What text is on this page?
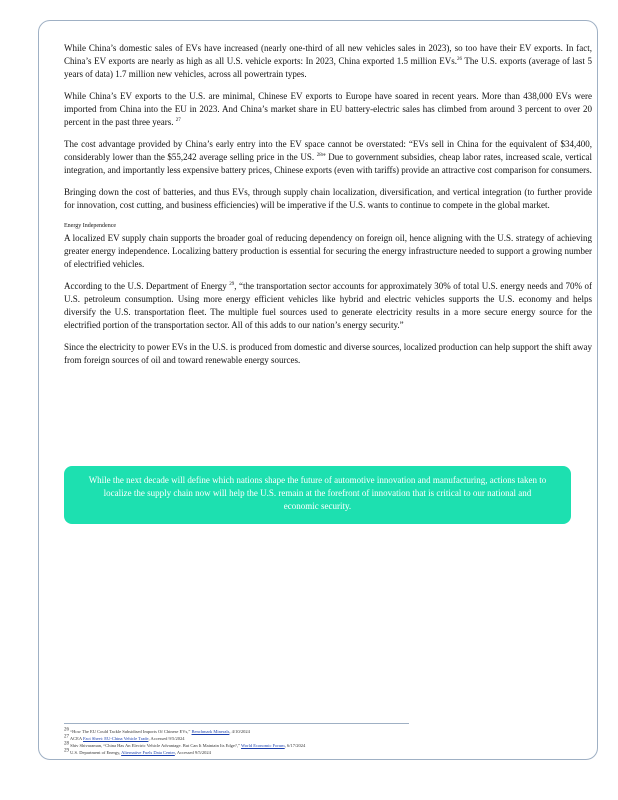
While China’s domestic sales of EVs have increased (nearly one-third of all new vehicles sales in 2023), so too have their EV exports. In fact, China’s EV exports are nearly as high as all U.S. vehicle exports: In 2023, China exported 1.5 million EVs.$^{26}$ The U.S. exports (average of last 5 years of data) 1.7 million new vehicles, across all powertrain types.

While China’s EV exports to the U.S. are minimal, Chinese EV exports to Europe have soared in recent years. More than 438,000 EVs were imported from China into the EU in 2023. And China’s market share in EU battery-electric sales has climbed from around 3 percent to over 20 percent in the past three years. $^{27}$

The cost advantage provided by China’s early entry into the EV space cannot be overstated: “EVs sell in China for the equivalent of $34,400, considerably lower than the $55,242 average selling price in the US. $^{28}$” Due to government subsidies, cheap labor rates, increased scale, vertical integration, and importantly less expensive battery prices, Chinese exports (even with tariffs) provide an attractive cost comparison for consumers.

Bringing down the cost of batteries, and thus EVs, through supply chain localization, diversification, and vertical integration (to further provide for innovation, cost cutting, and business efficiencies) will be imperative if the U.S. wants to continue to compete in the global market.

Energy Independence

A localized EV supply chain supports the broader goal of reducing dependency on foreign oil, hence aligning with the U.S. strategy of achieving greater energy independence. Localizing battery production is essential for securing the energy infrastructure needed to support a growing number of electrified vehicles.

According to the U.S. Department of Energy $^{29}$, “the transportation sector accounts for approximately 30% of total U.S. energy needs and 70% of U.S. petroleum consumption. Using more energy efficient vehicles like hybrid and electric vehicles supports the U.S. economy and helps diversify the U.S. transportation fleet. The multiple fuel sources used to generate electricity results in a more secure energy source for the electrified portion of the transportation sector. All of this adds to our nation’s energy security.”

Since the electricity to power EVs in the U.S. is produced from domestic and diverse sources, localized production can help support the shift away from foreign sources of oil and toward renewable energy sources.

While the next decade will define which nations shape the future of automotive innovation and manufacturing, actions taken to localize the supply chain now will help the U.S. remain at the forefront of innovation that is critical to our national and economic security.
$^{26}$ “How The EU Could Tackle Subsidised Imports Of Chinese EVs,” Benchmark Minerals, 4/10/2024
$^{27}$ ACEA Fact Sheet: EU-China Vehicle Trade, Accessed 9/5/2024
$^{28}$ Shiv Shivaraman, “China Has An Electric Vehicle Advantage. But Can It Maintain Its Edge?,” World Economic Forum, 6/17/2024
$^{29}$ U.S. Department of Energy, Alternative Fuels Data Center, Accessed 9/5/2024
